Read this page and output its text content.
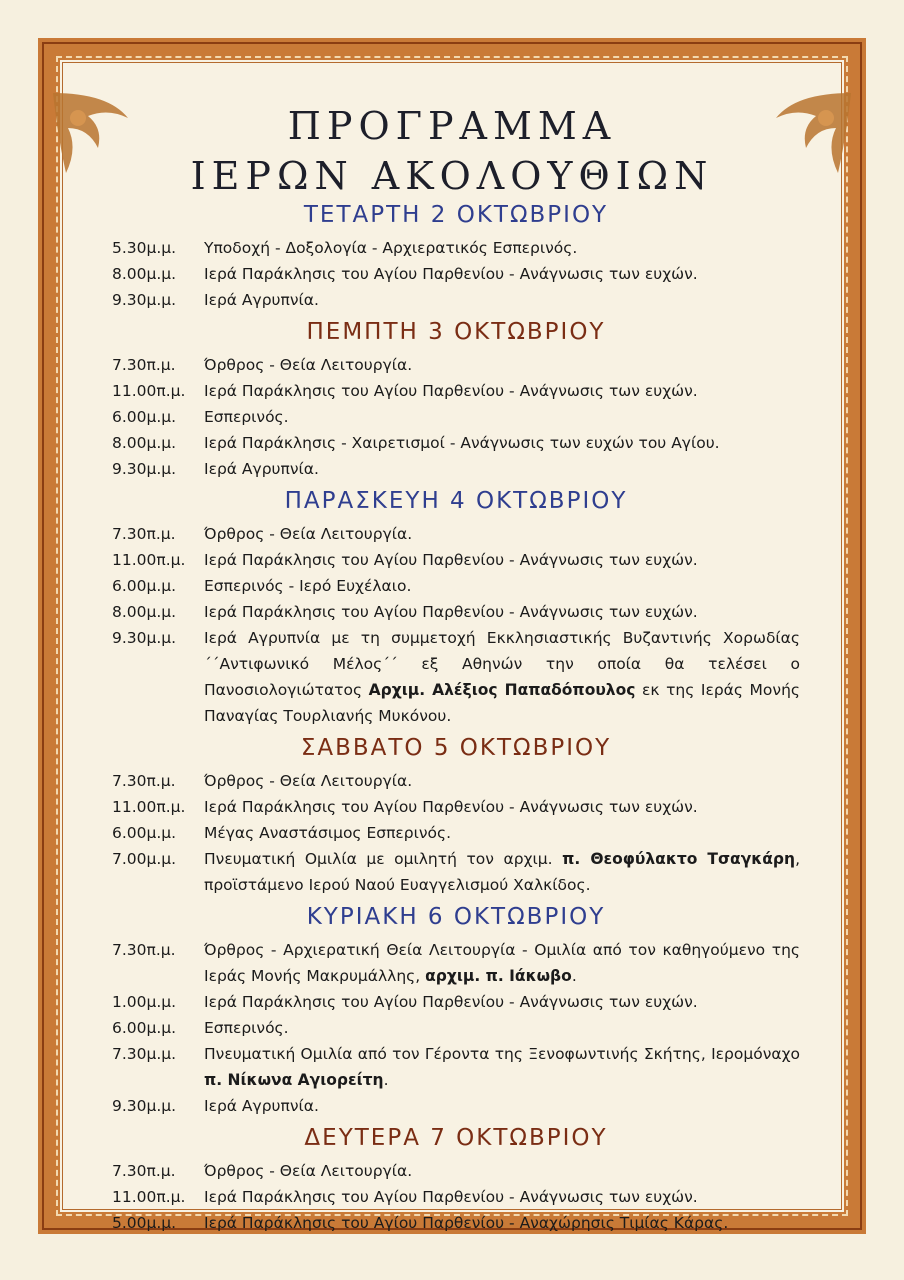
ΠΡΟΓΡΑΜΜΑ
ΙΕΡΩΝ ΑΚΟΛΟΥΘΙΩΝ
ΤΕΤΑΡΤΗ 2 ΟΚΤΩΒΡΙΟΥ
5.30μ.μ.	Υποδοχή - Δοξολογία - Αρχιερατικός Εσπερινός.
8.00μ.μ.	Ιερά Παράκλησις του Αγίου Παρθενίου - Ανάγνωσις των ευχών.
9.30μ.μ.	Ιερά Αγρυπνία.
ΠΕΜΠΤΗ 3 ΟΚΤΩΒΡΙΟΥ
7.30π.μ.	Όρθρος - Θεία Λειτουργία.
11.00π.μ.	Ιερά Παράκλησις του Αγίου Παρθενίου - Ανάγνωσις των ευχών.
6.00μ.μ.	Εσπερινός.
8.00μ.μ.	Ιερά Παράκλησις - Χαιρετισμοί - Ανάγνωσις των ευχών του Αγίου.
9.30μ.μ.	Ιερά Αγρυπνία.
ΠΑΡΑΣΚΕΥΗ 4 ΟΚΤΩΒΡΙΟΥ
7.30π.μ.	Όρθρος - Θεία Λειτουργία.
11.00π.μ.	Ιερά Παράκλησις του Αγίου Παρθενίου - Ανάγνωσις των ευχών.
6.00μ.μ.	Εσπερινός - Ιερό Ευχέλαιο.
8.00μ.μ.	Ιερά Παράκλησις του Αγίου Παρθενίου - Ανάγνωσις των ευχών.
9.30μ.μ.	Ιερά Αγρυπνία με τη συμμετοχή Εκκλησιαστικής Βυζαντινής Χορωδίας ΄΄Αντιφωνικό Μέλος΄΄ εξ Αθηνών την οποία θα τελέσει ο Πανοσιολογιώτατος Αρχιμ. Αλέξιος Παπαδόπουλος εκ της Ιεράς Μονής Παναγίας Τουρλιανής Μυκόνου.
ΣΑΒΒΑΤΟ 5 ΟΚΤΩΒΡΙΟΥ
7.30π.μ.	Όρθρος - Θεία Λειτουργία.
11.00π.μ.	Ιερά Παράκλησις του Αγίου Παρθενίου - Ανάγνωσις των ευχών.
6.00μ.μ.	Μέγας Αναστάσιμος Εσπερινός.
7.00μ.μ.	Πνευματική Ομιλία με ομιλητή τον αρχιμ. π. Θεοφύλακτο Τσαγκάρη, προϊστάμενο Ιερού Ναού Ευαγγελισμού Χαλκίδος.
ΚΥΡΙΑΚΗ 6 ΟΚΤΩΒΡΙΟΥ
7.30π.μ.	Όρθρος - Αρχιερατική Θεία Λειτουργία - Ομιλία από τον καθηγούμενο της Ιεράς Μονής Μακρυμάλλης, αρχιμ. π. Ιάκωβο.
1.00μ.μ.	Ιερά Παράκλησις του Αγίου Παρθενίου - Ανάγνωσις των ευχών.
6.00μ.μ.	Εσπερινός.
7.30μ.μ.	Πνευματική Ομιλία από τον Γέροντα της Ξενοφωντινής Σκήτης, Ιερομόναχο π. Νίκωνα Αγιορείτη.
9.30μ.μ.	Ιερά Αγρυπνία.
ΔΕΥΤΕΡΑ 7 ΟΚΤΩΒΡΙΟΥ
7.30π.μ.	Όρθρος - Θεία Λειτουργία.
11.00π.μ.	Ιερά Παράκλησις του Αγίου Παρθενίου - Ανάγνωσις των ευχών.
5.00μ.μ.	Ιερά Παράκλησις του Αγίου Παρθενίου - Αναχώρησις Τιμίας Κάρας.
